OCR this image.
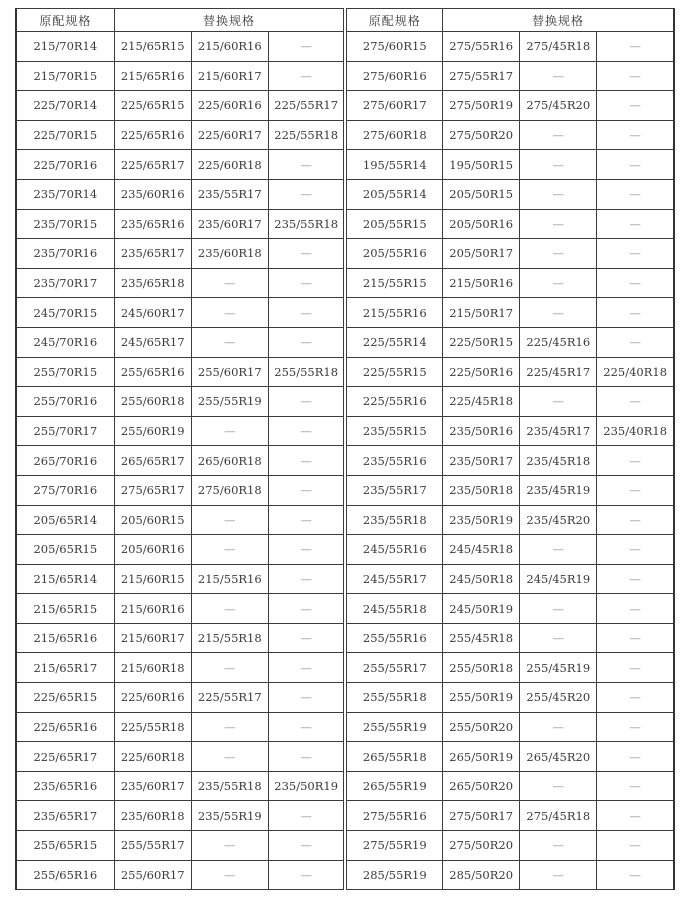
原配规格	替换规格			原配规格	替换规格		
215/70R14	215/65R15	215/60R16	—	275/60R15	275/55R16	275/45R18	—
215/70R15	215/65R16	215/60R17	—	275/60R16	275/55R17	—	—
225/70R14	225/65R15	225/60R16	225/55R17	275/60R17	275/50R19	275/45R20	—
225/70R15	225/65R16	225/60R17	225/55R18	275/60R18	275/50R20	—	—
225/70R16	225/65R17	225/60R18	—	195/55R14	195/50R15	—	—
235/70R14	235/60R16	235/55R17	—	205/55R14	205/50R15	—	—
235/70R15	235/65R16	235/60R17	235/55R18	205/55R15	205/50R16	—	—
235/70R16	235/65R17	235/60R18	—	205/55R16	205/50R17	—	—
235/70R17	235/65R18	—	—	215/55R15	215/50R16	—	—
245/70R15	245/60R17	—	—	215/55R16	215/50R17	—	—
245/70R16	245/65R17	—	—	225/55R14	225/50R15	225/45R16	—
255/70R15	255/65R16	255/60R17	255/55R18	225/55R15	225/50R16	225/45R17	225/40R18
255/70R16	255/60R18	255/55R19	—	225/55R16	225/45R18	—	—
255/70R17	255/60R19	—	—	235/55R15	235/50R16	235/45R17	235/40R18
265/70R16	265/65R17	265/60R18	—	235/55R16	235/50R17	235/45R18	—
275/70R16	275/65R17	275/60R18	—	235/55R17	235/50R18	235/45R19	—
205/65R14	205/60R15	—	—	235/55R18	235/50R19	235/45R20	—
205/65R15	205/60R16	—	—	245/55R16	245/45R18	—	—
215/65R14	215/60R15	215/55R16	—	245/55R17	245/50R18	245/45R19	—
215/65R15	215/60R16	—	—	245/55R18	245/50R19	—	—
215/65R16	215/60R17	215/55R18	—	255/55R16	255/45R18	—	—
215/65R17	215/60R18	—	—	255/55R17	255/50R18	255/45R19	—
225/65R15	225/60R16	225/55R17	—	255/55R18	255/50R19	255/45R20	—
225/65R16	225/55R18	—	—	255/55R19	255/50R20	—	—
225/65R17	225/60R18	—	—	265/55R18	265/50R19	265/45R20	—
235/65R16	235/60R17	235/55R18	235/50R19	265/55R19	265/50R20	—	—
235/65R17	235/60R18	235/55R19	—	275/55R16	275/50R17	275/45R18	—
255/65R15	255/55R17	—	—	275/55R19	275/50R20	—	—
255/65R16	255/60R17	—	—	285/55R19	285/50R20	—	—
